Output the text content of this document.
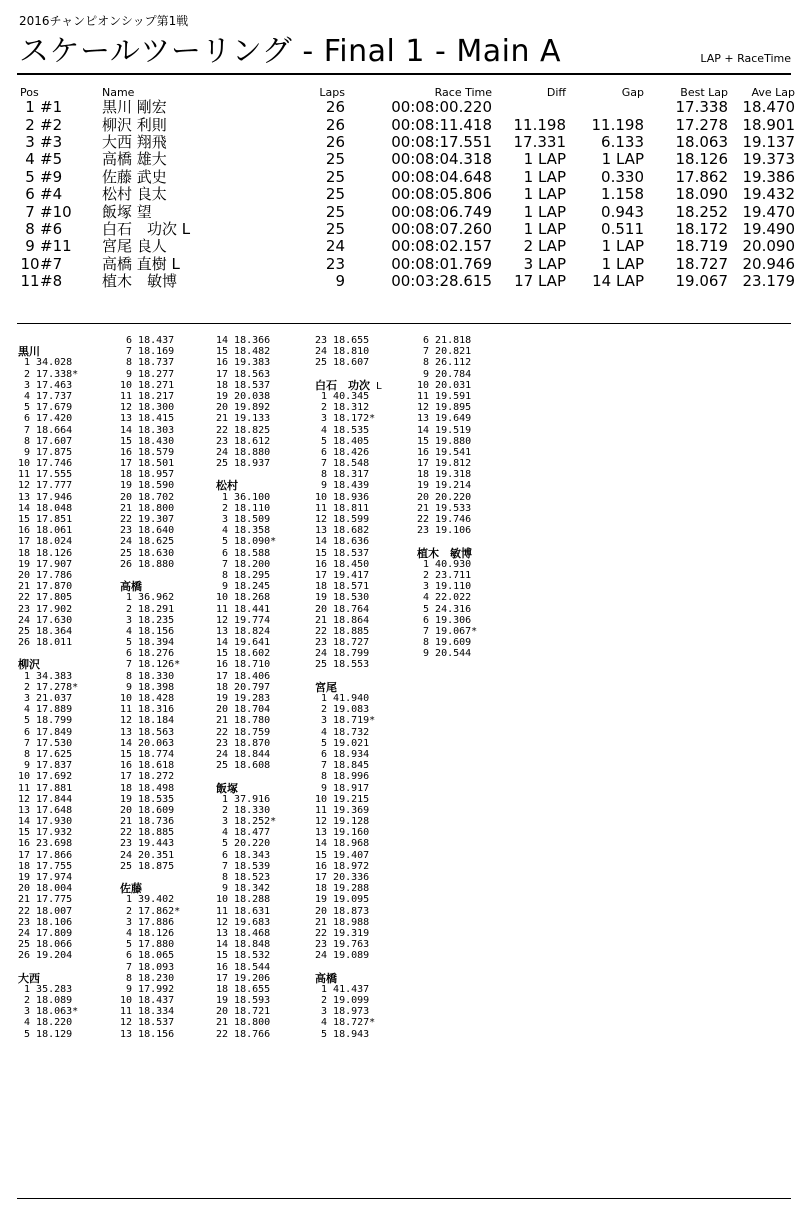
2016チャンピオンシップ第1戦
スケールツーリング - Final 1 - Main A	LAP + RaceTime
Pos		Name	Laps	Race Time	Diff	Gap	Best Lap	Ave Lap
1	#1	黒川 剛宏	26	00:08:00.220			17.338	18.470
2	#2	柳沢 利則	26	00:08:11.418	11.198	11.198	17.278	18.901
3	#3	大西 翔飛	26	00:08:17.551	17.331	6.133	18.063	19.137
4	#5	高橋 雄大	25	00:08:04.318	1 LAP	1 LAP	18.126	19.373
5	#9	佐藤 武史	25	00:08:04.648	1 LAP	0.330	17.862	19.386
6	#4	松村 良太	25	00:08:05.806	1 LAP	1.158	18.090	19.432
7	#10	飯塚 望	25	00:08:06.749	1 LAP	0.943	18.252	19.470
8	#6	白石　功次 L	25	00:08:07.260	1 LAP	0.511	18.172	19.490
9	#11	宮尾 良人	24	00:08:02.157	2 LAP	1 LAP	18.719	20.090
10	#7	高橋 直樹 L	23	00:08:01.769	3 LAP	1 LAP	18.727	20.946
11	#8	植木　敏博	9	00:03:28.615	17 LAP	14 LAP	19.067	23.179
黒川
1 34.028
2 17.338*
3 17.463
4 17.737
5 17.679
6 17.420
7 18.664
8 17.607
9 17.875
10 17.746
11 17.555
12 17.777
13 17.946
14 18.048
15 17.851
16 18.061
17 18.024
18 18.126
19 17.907
20 17.786
21 17.870
22 17.805
23 17.902
24 17.630
25 18.364
26 18.011
柳沢
1 34.383
2 17.278*
3 21.037
4 17.889
5 18.799
6 17.849
7 17.530
8 17.625
9 17.837
10 17.692
11 17.881
12 17.844
13 17.648
14 17.930
15 17.932
16 23.698
17 17.866
18 17.755
19 17.974
20 18.004
21 17.775
22 18.007
23 18.106
24 17.809
25 18.066
26 19.204
大西
1 35.283
2 18.089
3 18.063*
4 18.220
5 18.129
6 18.437
7 18.169
8 18.737
9 18.277
10 18.271
11 18.217
12 18.300
13 18.415
14 18.303
15 18.430
16 18.579
17 18.501
18 18.957
19 18.590
20 18.702
21 18.800
22 19.307
23 18.640
24 18.625
25 18.630
26 18.880
高橋
1 36.962
2 18.291
3 18.235
4 18.156
5 18.394
6 18.276
7 18.126*
8 18.330
9 18.398
10 18.428
11 18.316
12 18.184
13 18.563
14 20.063
15 18.774
16 18.618
17 18.272
18 18.498
19 18.535
20 18.609
21 18.736
22 18.885
23 19.443
24 20.351
25 18.875
佐藤
1 39.402
2 17.862*
3 17.886
4 18.126
5 17.880
6 18.065
7 18.093
8 18.230
9 17.992
10 18.437
11 18.334
12 18.537
13 18.156
14 18.366
15 18.482
16 19.383
17 18.563
18 18.537
19 20.038
20 19.892
21 19.133
22 18.825
23 18.612
24 18.880
25 18.937
松村
1 36.100
2 18.110
3 18.509
4 18.358
5 18.090*
6 18.588
7 18.200
8 18.295
9 18.245
10 18.268
11 18.441
12 19.774
13 18.824
14 19.641
15 18.602
16 18.710
17 18.406
18 20.797
19 19.283
20 18.704
21 18.780
22 18.759
23 18.870
24 18.844
25 18.608
飯塚
1 37.916
2 18.330
3 18.252*
4 18.477
5 20.220
6 18.343
7 18.539
8 18.523
9 18.342
10 18.288
11 18.631
12 19.683
13 18.468
14 18.848
15 18.532
16 18.544
17 19.206
18 18.655
19 18.593
20 18.721
21 18.800
22 18.766
23 18.655
24 18.810
25 18.607
白石　功次 L
1 40.345
2 18.312
3 18.172*
4 18.535
5 18.405
6 18.426
7 18.548
8 18.317
9 18.439
10 18.936
11 18.811
12 18.599
13 18.682
14 18.636
15 18.537
16 18.450
17 19.417
18 18.571
19 18.530
20 18.764
21 18.864
22 18.885
23 18.727
24 18.799
25 18.553
宮尾
1 41.940
2 19.083
3 18.719*
4 18.732
5 19.021
6 18.934
7 18.845
8 18.996
9 18.917
10 19.215
11 19.369
12 19.128
13 19.160
14 18.968
15 19.407
16 18.972
17 20.336
18 19.288
19 19.095
20 18.873
21 18.988
22 19.319
23 19.763
24 19.089
高橋
1 41.437
2 19.099
3 18.973
4 18.727*
5 18.943
6 21.818
7 20.821
8 26.112
9 20.784
10 20.031
11 19.591
12 19.895
13 19.649
14 19.519
15 19.880
16 19.541
17 19.812
18 19.318
19 19.214
20 20.220
21 19.533
22 19.746
23 19.106
植木　敏博
1 40.930
2 23.711
3 19.110
4 22.022
5 24.316
6 19.306
7 19.067*
8 19.609
9 20.544
